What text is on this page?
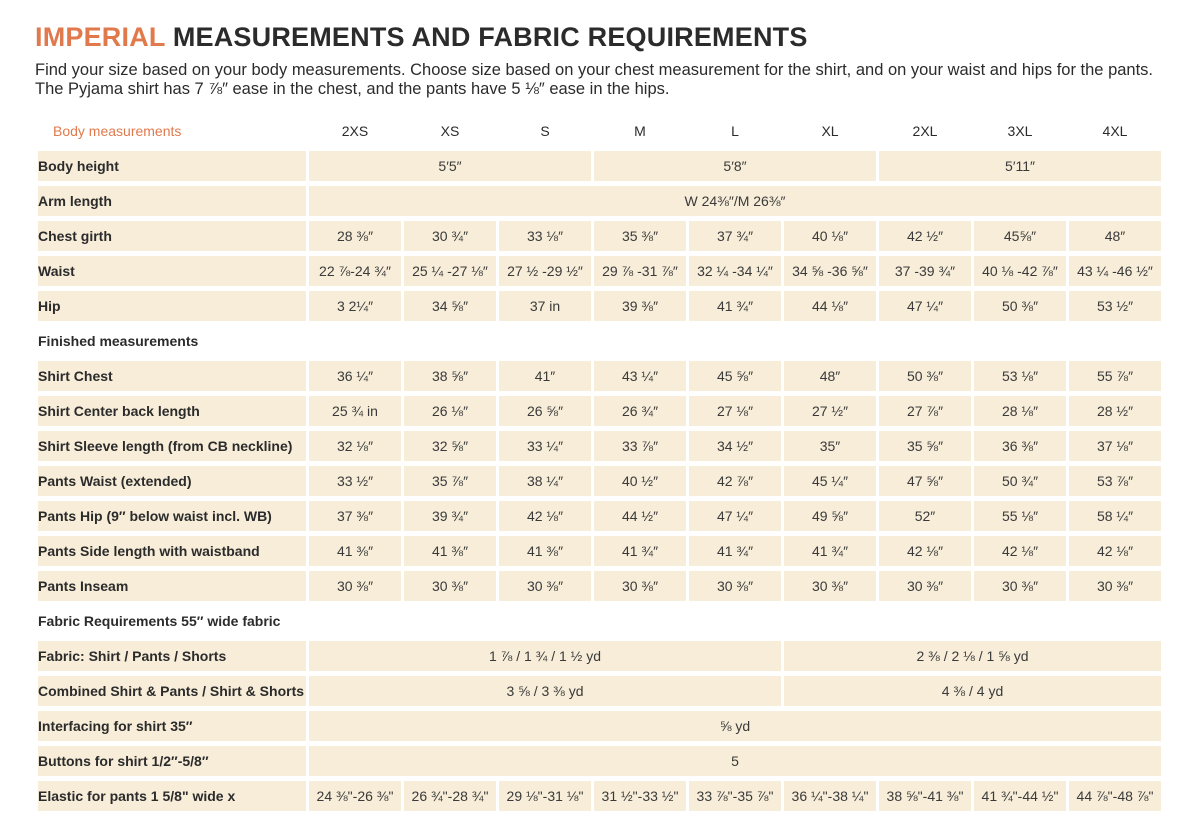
IMPERIAL MEASUREMENTS AND FABRIC REQUIREMENTS

Find your size based on your body measurements. Choose size based on your chest measurement for the shirt, and on your waist and hips for the pants. The Pyjama shirt has 7 ⅞″ ease in the chest, and the pants have 5 ⅛″ ease in the hips.

Body measurements	2XS	XS	S	M	L	XL	2XL	3XL	4XL
Body height	5′5″			5′8″			5′11″		
Arm length	W 24⅜″/M 26⅜″								
Chest girth	28 ⅜″	30 ¾″	33 ⅛″	35 ⅜″	37 ¾″	40 ⅛″	42 ½″	45⅝″	48″
Waist	22 ⅞-24 ¾″	25 ¼ -27 ⅛″	27 ½ -29 ½″	29 ⅞ -31 ⅞″	32 ¼ -34 ¼″	34 ⅝ -36 ⅝″	37 -39 ¾″	40 ⅛ -42 ⅞″	43 ¼ -46 ½″
Hip	3 2¼″	34 ⅝″	37 in	39 ⅜″	41 ¾″	44 ⅛″	47 ¼″	50 ⅜″	53 ½″
Finished measurements									
Shirt Chest	36 ¼″	38 ⅝″	41″	43 ¼″	45 ⅝″	48″	50 ⅜″	53 ⅛″	55 ⅞″
Shirt Center back length	25 ¾ in	26 ⅛″	26 ⅝″	26 ¾″	27 ⅛″	27 ½″	27 ⅞″	28 ⅛″	28 ½″
Shirt Sleeve length (from CB neckline)	32 ⅛″	32 ⅝″	33 ¼″	33 ⅞″	34 ½″	35″	35 ⅝″	36 ⅜″	37 ⅛″
Pants Waist (extended)	33 ½″	35 ⅞″	38 ¼″	40 ½″	42 ⅞″	45 ¼″	47 ⅝″	50 ¾″	53 ⅞″
Pants Hip (9″ below waist incl. WB)	37 ⅜″	39 ¾″	42 ⅛″	44 ½″	47 ¼″	49 ⅝″	52″	55 ⅛″	58 ¼″
Pants Side length with waistband	41 ⅜″	41 ⅜″	41 ⅜″	41 ¾″	41 ¾″	41 ¾″	42 ⅛″	42 ⅛″	42 ⅛″
Pants Inseam	30 ⅜″	30 ⅜″	30 ⅜″	30 ⅜″	30 ⅜″	30 ⅜″	30 ⅜″	30 ⅜″	30 ⅜″
Fabric Requirements 55″ wide fabric									
Fabric: Shirt / Pants / Shorts	1 ⅞ / 1 ¾ / 1 ½ yd					2 ⅜ / 2 ⅛ / 1 ⅝ yd			
Combined Shirt & Pants / Shirt & Shorts	3 ⅝ / 3 ⅜ yd					4 ⅜ / 4 yd			
Interfacing for shirt 35″	⅝ yd								
Buttons for shirt 1/2″-5/8″	5								
Elastic for pants 1 5/8" wide x	24 ⅜"-26 ⅜"	26 ¾"-28 ¾"	29 ⅛"-31 ⅛"	31 ½"-33 ½"	33 ⅞"-35 ⅞"	36 ¼"-38 ¼"	38 ⅝"-41 ⅜"	41 ¾"-44 ½"	44 ⅞"-48 ⅞"
